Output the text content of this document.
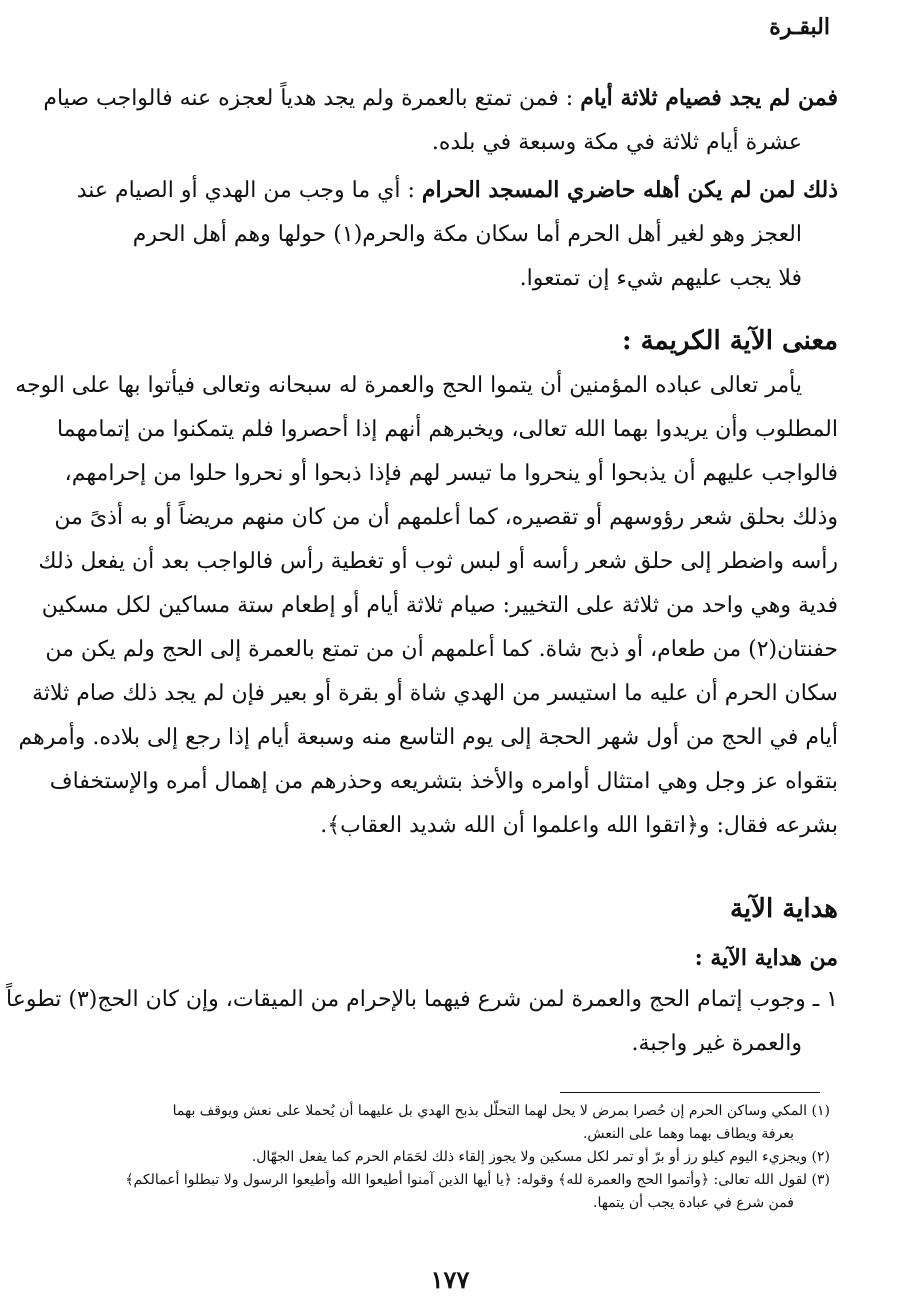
البقـرة
فمن لم يجد فصيام ثلاثة أيام : فمن تمتع بالعمرة ولم يجد هدياً لعجزه عنه فالواجب صيام
عشرة أيام ثلاثة في مكة وسبعة في بلده.
ذلك لمن لم يكن أهله حاضري المسجد الحرام : أي ما وجب من الهدي أو الصيام عند
العجز وهو لغير أهل الحرم أما سكان مكة والحرم(١) حولها وهم أهل الحرم
فلا يجب عليهم شيء إن تمتعوا.
معنى الآية الكريمة :
يأمر تعالى عباده المؤمنين أن يتموا الحج والعمرة له سبحانه وتعالى فيأتوا بها على الوجه
المطلوب وأن يريدوا بهما الله تعالى، ويخبرهم أنهم إذا أحصروا فلم يتمكنوا من إتمامهما
فالواجب عليهم أن يذبحوا أو ينحروا ما تيسر لهم فإذا ذبحوا أو نحروا حلوا من إحرامهم،
وذلك بحلق شعر رؤوسهم أو تقصيره، كما أعلمهم أن من كان منهم مريضاً أو به أذىً من
رأسه واضطر إلى حلق شعر رأسه أو لبس ثوب أو تغطية رأس فالواجب بعد أن يفعل ذلك
فدية وهي واحد من ثلاثة على التخيير: صيام ثلاثة أيام أو إطعام ستة مساكين لكل مسكين
حفنتان(٢) من طعام، أو ذبح شاة. كما أعلمهم أن من تمتع بالعمرة إلى الحج ولم يكن من
سكان الحرم أن عليه ما استيسر من الهدي شاة أو بقرة أو بعير فإن لم يجد ذلك صام ثلاثة
أيام في الحج من أول شهر الحجة إلى يوم التاسع منه وسبعة أيام إذا رجع إلى بلاده. وأمرهم
بتقواه عز وجل وهي امتثال أوامره والأخذ بتشريعه وحذرهم من إهمال أمره والإستخفاف
بشرعه فقال: و﴿اتقوا الله واعلموا أن الله شديد العقاب﴾.
هداية الآية
من هداية الآية :
١ ـ وجوب إتمام الحج والعمرة لمن شرع فيهما بالإحرام من الميقات، وإن كان الحج(٣) تطوعاً
والعمرة غير واجبة.
(١) المكي وساكن الحرم إن حُصرا بمرض لا يحل لهما التحلّل بذبح الهدي بل عليهما أن يُحملا على نعش ويوقف بهما
بعرفة ويطاف بهما وهما على النعش.
(٢) ويجزيء اليوم كيلو رز أو برّ أو تمر لكل مسكين ولا يجوز إلقاء ذلك لحَمَام الحرم كما يفعل الجهّال.
(٣) لقول الله تعالى: ﴿وأتموا الحج والعمرة لله﴾ وقوله: ﴿يا أيها الذين آمنوا أطيعوا الله وأطيعوا الرسول ولا تبطلوا أعمالكم﴾
فمن شرع في عبادة يجب أن يتمها.
١٧٧
